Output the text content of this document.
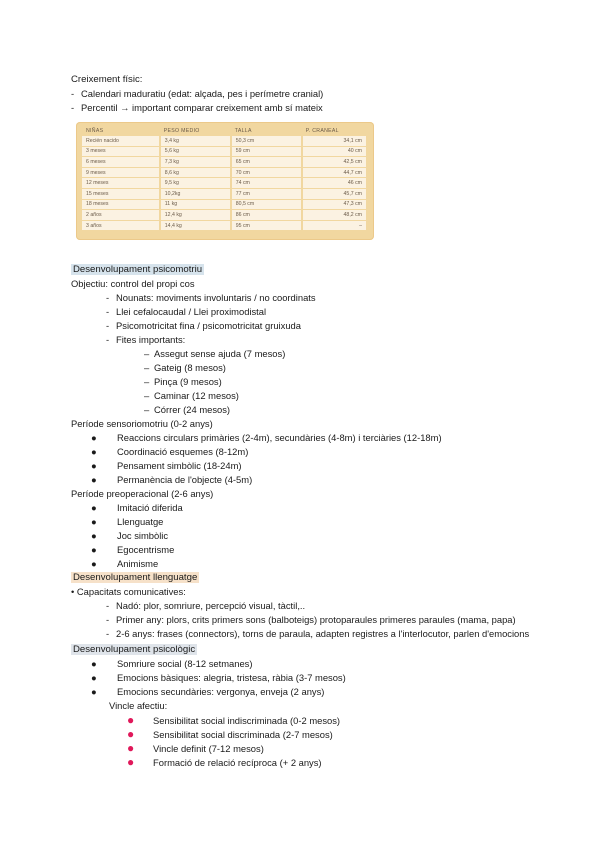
Creixement físic:
- Calendari maduratiu (edat: alçada, pes i perímetre cranial)
- Percentil → important comparar creixement amb sí mateix
NIÑAS	PESO MEDIO	TALLA	P. CRANEAL
Recién nacido	3,4 kg	50,3 cm	34,1 cm
3 meses	5,6 kg	59 cm	40 cm
6 meses	7,3 kg	65 cm	42,5 cm
9 meses	8,6 kg	70 cm	44,7 cm
12 meses	9,5 kg	74 cm	46 cm
15 meses	10,2kg	77 cm	45,7 cm
18 meses	11 kg	80,5 cm	47,3 cm
2 años	12,4 kg	86 cm	48,2 cm
3 años	14,4 kg	95 cm	–
Desenvolupament psicomotriu
Objectiu: control del propi cos
- Nounats: moviments involuntaris / no coordinats
- Llei cefalocaudal / Llei proximodistal
- Psicomotricitat fina / psicomotricitat gruixuda
- Fites importants:
– Assegut sense ajuda (7 mesos)
– Gateig (8 mesos)
– Pinça (9 mesos)
– Caminar (12 mesos)
– Córrer (24 mesos)
Període sensoriomotriu (0-2 anys)
● Reaccions circulars primàries (2-4m), secundàries (4-8m) i terciàries (12-18m)
● Coordinació esquemes (8-12m)
● Pensament simbòlic (18-24m)
● Permanència de l'objecte (4-5m)
Període preoperacional (2-6 anys)
● Imitació diferida
● Llenguatge
● Joc simbòlic
● Egocentrisme
● Animisme
Desenvolupament llenguatge
• Capacitats comunicatives:
- Nadó: plor, somriure, percepció visual, tàctil,..
- Primer any: plors, crits primers sons (balboteigs) protoparaules primeres paraules (mama, papa)
- 2-6 anys: frases (connectors), torns de paraula, adapten registres a l'interlocutor, parlen d'emocions
Desenvolupament psicològic
● Somriure social (8-12 setmanes)
● Emocions bàsiques: alegria, tristesa, ràbia (3-7 mesos)
● Emocions secundàries: vergonya, enveja (2 anys)
Vincle afectiu:
● Sensibilitat social indiscriminada (0-2 mesos)
● Sensibilitat social discriminada (2-7 mesos)
● Vincle definit (7-12 mesos)
● Formació de relació recíproca (+ 2 anys)
